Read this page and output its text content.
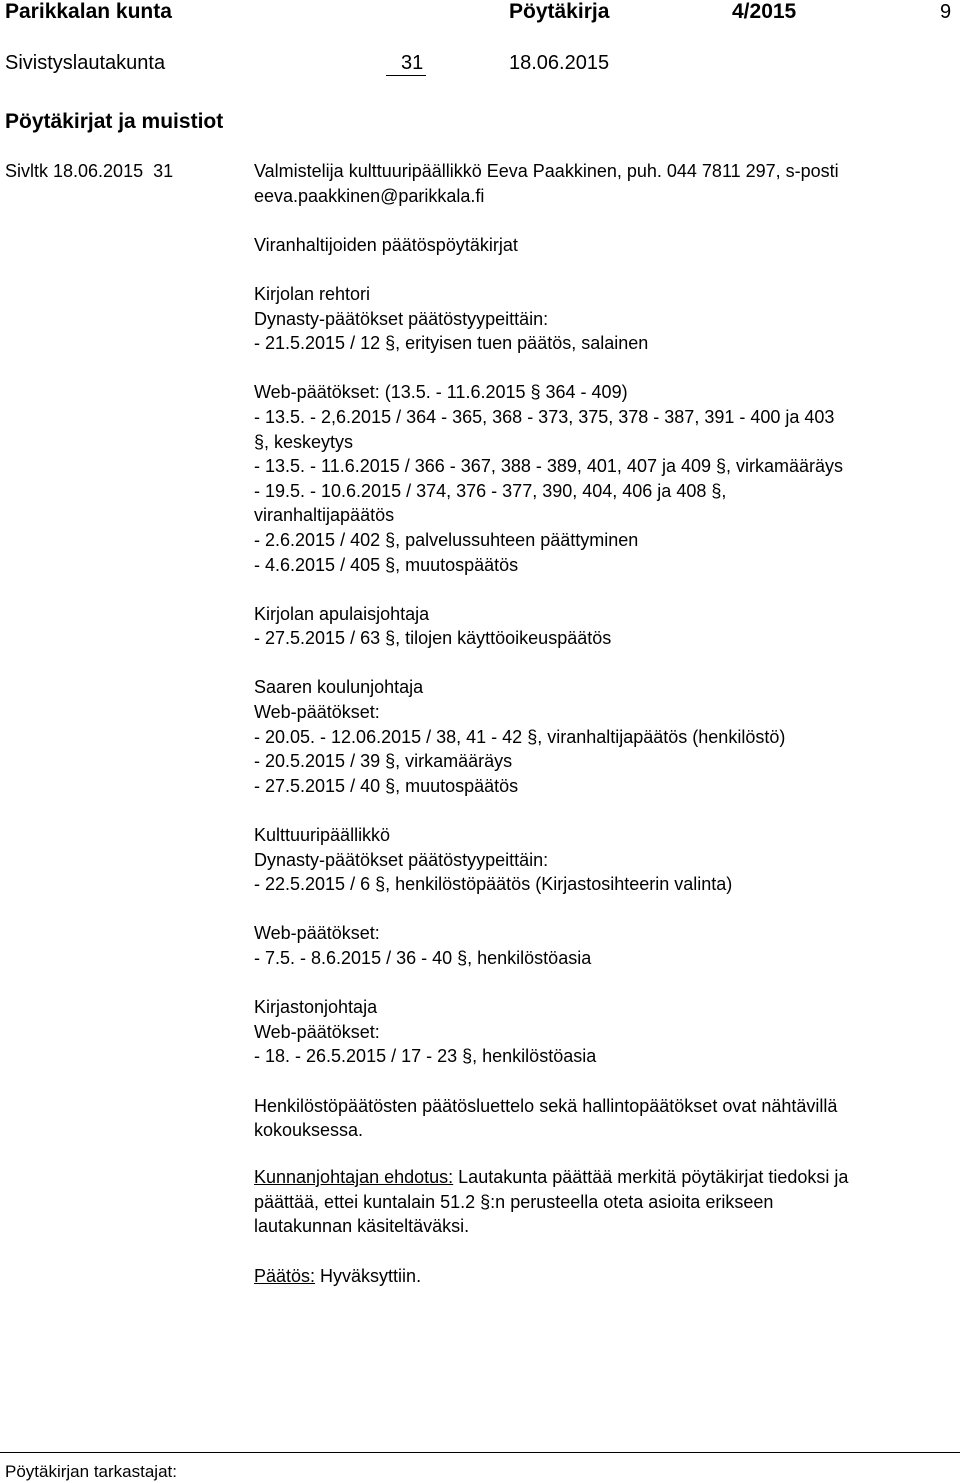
Parikkalan kunta	Pöytäkirja	4/2015	9
Sivistyslautakunta	31	18.06.2015
Pöytäkirjat ja muistiot
Sivltk 18.06.2015 31	Valmistelija kulttuuripäällikkö Eeva Paakkinen, puh. 044 7811 297, s-posti
eeva.paakkinen@parikkala.fi
Viranhaltijoiden päätöspöytäkirjat
Kirjolan rehtori
Dynasty-päätökset päätöstyypeittäin:
- 21.5.2015 / 12 §, erityisen tuen päätös, salainen
Web-päätökset: (13.5. - 11.6.2015 § 364 - 409)
- 13.5. - 2,6.2015 / 364 - 365, 368 - 373, 375, 378 - 387, 391 - 400 ja 403
§, keskeytys
- 13.5. - 11.6.2015 / 366 - 367, 388 - 389, 401, 407 ja 409 §, virkamääräys
- 19.5. - 10.6.2015 / 374, 376 - 377, 390, 404, 406 ja 408 §,
viranhaltijapäätös
- 2.6.2015 / 402 §, palvelussuhteen päättyminen
- 4.6.2015 / 405 §, muutospäätös
Kirjolan apulaisjohtaja
- 27.5.2015 / 63 §, tilojen käyttöoikeuspäätös
Saaren koulunjohtaja
Web-päätökset:
- 20.05. - 12.06.2015 / 38, 41 - 42 §, viranhaltijapäätös (henkilöstö)
- 20.5.2015 / 39 §, virkamääräys
- 27.5.2015 / 40 §, muutospäätös
Kulttuuripäällikkö
Dynasty-päätökset päätöstyypeittäin:
- 22.5.2015 / 6 §, henkilöstöpäätös (Kirjastosihteerin valinta)
Web-päätökset:
- 7.5. - 8.6.2015 / 36 - 40 §, henkilöstöasia
Kirjastonjohtaja
Web-päätökset:
- 18. - 26.5.2015 / 17 - 23 §, henkilöstöasia
Henkilöstöpäätösten päätösluettelo sekä hallintopäätökset ovat nähtävillä
kokouksessa.
Kunnanjohtajan ehdotus: Lautakunta päättää merkitä pöytäkirjat tiedoksi ja
päättää, ettei kuntalain 51.2 §:n perusteella oteta asioita erikseen
lautakunnan käsiteltäväksi.
Päätös: Hyväksyttiin.
Pöytäkirjan tarkastajat:
